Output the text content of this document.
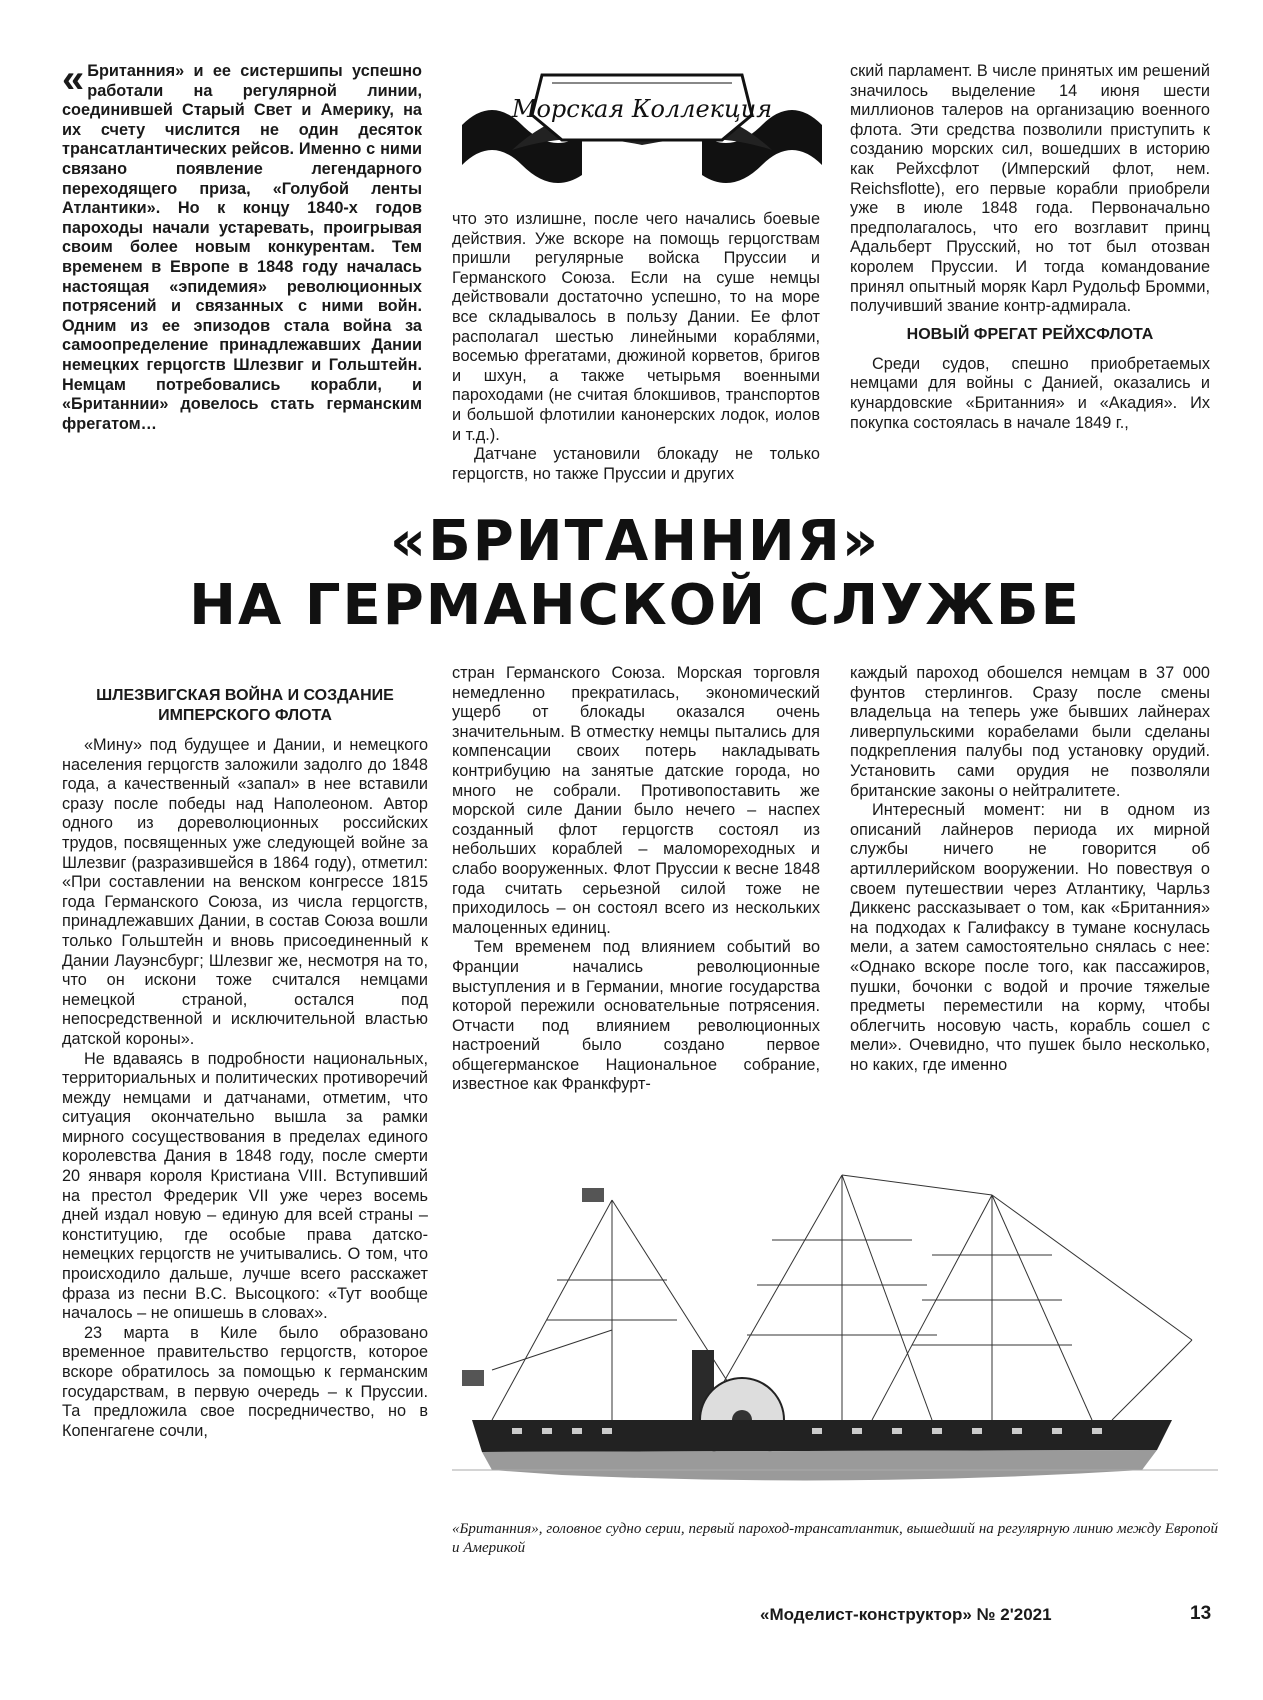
« Британния» и ее систершипы успешно работали на регулярной линии, соединившей Старый Свет и Америку, на их счету числится не один десяток трансатлантических рейсов. Именно с ними связано появление легендарного переходящего приза, «Голубой ленты Атлантики». Но к концу 1840-х годов пароходы начали устаревать, проигрывая своим более новым конкурентам. Тем временем в Европе в 1848 году началась настоящая «эпидемия» революционных потрясений и связанных с ними войн. Одним из ее эпизодов стала война за самоопределение принадлежавших Дании немецких герцогств Шлезвиг и Гольштейн. Немцам потребовались корабли, и «Британнии» довелось стать германским фрегатом…

Морская Коллекция

что это излишне, после чего начались боевые действия. Уже вскоре на помощь герцогствам пришли регулярные войска Пруссии и Германского Союза. Если на суше немцы действовали достаточно успешно, то на море все складывалось в пользу Дании. Ее флот располагал шестью линейными кораблями, восемью фрегатами, дюжиной корветов, бригов и шхун, а также четырьмя военными пароходами (не считая блокшивов, транспортов и большой флотилии канонерских лодок, иолов и т.д.).

Датчане установили блокаду не только герцогств, но также Пруссии и других

ский парламент. В числе принятых им решений значилось выделение 14 июня шести миллионов талеров на организацию военного флота. Эти средства позволили приступить к созданию морских сил, вошедших в историю как Рейхсфлот (Имперский флот, нем. Reichsflotte), его первые корабли приобрели уже в июле 1848 года. Первоначально предполагалось, что его возглавит принц Адальберт Прусский, но тот был отозван королем Пруссии. И тогда командование принял опытный моряк Карл Рудольф Бромми, получивший звание контр-адмирала.

НОВЫЙ ФРЕГАТ РЕЙХСФЛОТА

Среди судов, спешно приобретаемых немцами для войны с Данией, оказались и кунардовские «Британния» и «Акадия». Их покупка состоялась в начале 1849 г.,

«БРИТАННИЯ»
НА ГЕРМАНСКОЙ СЛУЖБЕ
ШЛЕЗВИГСКАЯ ВОЙНА И СОЗДАНИЕ ИМПЕРСКОГО ФЛОТА

«Мину» под будущее и Дании, и немецкого населения герцогств заложили задолго до 1848 года, а качественный «запал» в нее вставили сразу после победы над Наполеоном. Автор одного из дореволюционных российских трудов, посвященных уже следующей войне за Шлезвиг (разразившейся в 1864 году), отметил: «При составлении на венском конгрессе 1815 года Германского Союза, из числа герцогств, принадлежавших Дании, в состав Союза вошли только Гольштейн и вновь присоединенный к Дании Лауэнсбург; Шлезвиг же, несмотря на то, что он искони тоже считался немцами немецкой страной, остался под непосредственной и исключительной властью датской короны».

Не вдаваясь в подробности национальных, территориальных и политических противоречий между немцами и датчанами, отметим, что ситуация окончательно вышла за рамки мирного сосуществования в пределах единого королевства Дания в 1848 году, после смерти 20 января короля Кристиана VIII. Вступивший на престол Фредерик VII уже через восемь дней издал новую – единую для всей страны – конституцию, где особые права датско-немецких герцогств не учитывались. О том, что происходило дальше, лучше всего расскажет фраза из песни В.С. Высоцкого: «Тут вообще началось – не опишешь в словах».

23 марта в Киле было образовано временное правительство герцогств, которое вскоре обратилось за помощью к германским государствам, в первую очередь – к Пруссии. Та предложила свое посредничество, но в Копенгагене сочли,

стран Германского Союза. Морская торговля немедленно прекратилась, экономический ущерб от блокады оказался очень значительным. В отместку немцы пытались для компенсации своих потерь накладывать контрибуцию на занятые датские города, но много не собрали. Противопоставить же морской силе Дании было нечего – наспех созданный флот герцогств состоял из небольших кораблей – маломореходных и слабо вооруженных. Флот Пруссии к весне 1848 года считать серьезной силой тоже не приходилось – он состоял всего из нескольких малоценных единиц.

Тем временем под влиянием событий во Франции начались революционные выступления и в Германии, многие государства которой пережили основательные потрясения. Отчасти под влиянием революционных настроений было создано первое общегерманское Национальное собрание, известное как Франкфурт-

каждый пароход обошелся немцам в 37 000 фунтов стерлингов. Сразу после смены владельца на теперь уже бывших лайнерах ливерпульскими корабелами были сделаны подкрепления палубы под установку орудий. Установить сами орудия не позволяли британские законы о нейтралитете.

Интересный момент: ни в одном из описаний лайнеров периода их мирной службы ничего не говорится об артиллерийском вооружении. Но повествуя о своем путешествии через Атлантику, Чарльз Диккенс рассказывает о том, как «Британния» на подходах к Галифаксу в тумане коснулась мели, а затем самостоятельно снялась с нее: «Однако вскоре после того, как пассажиров, пушки, бочонки с водой и прочие тяжелые предметы переместили на корму, чтобы облегчить носовую часть, корабль сошел с мели». Очевидно, что пушек было несколько, но каких, где именно

«Британния», головное судно серии, первый пароход-трансатлантик, вышедший на регулярную линию между Европой и Америкой
«Моделист-конструктор» № 2'2021	13
